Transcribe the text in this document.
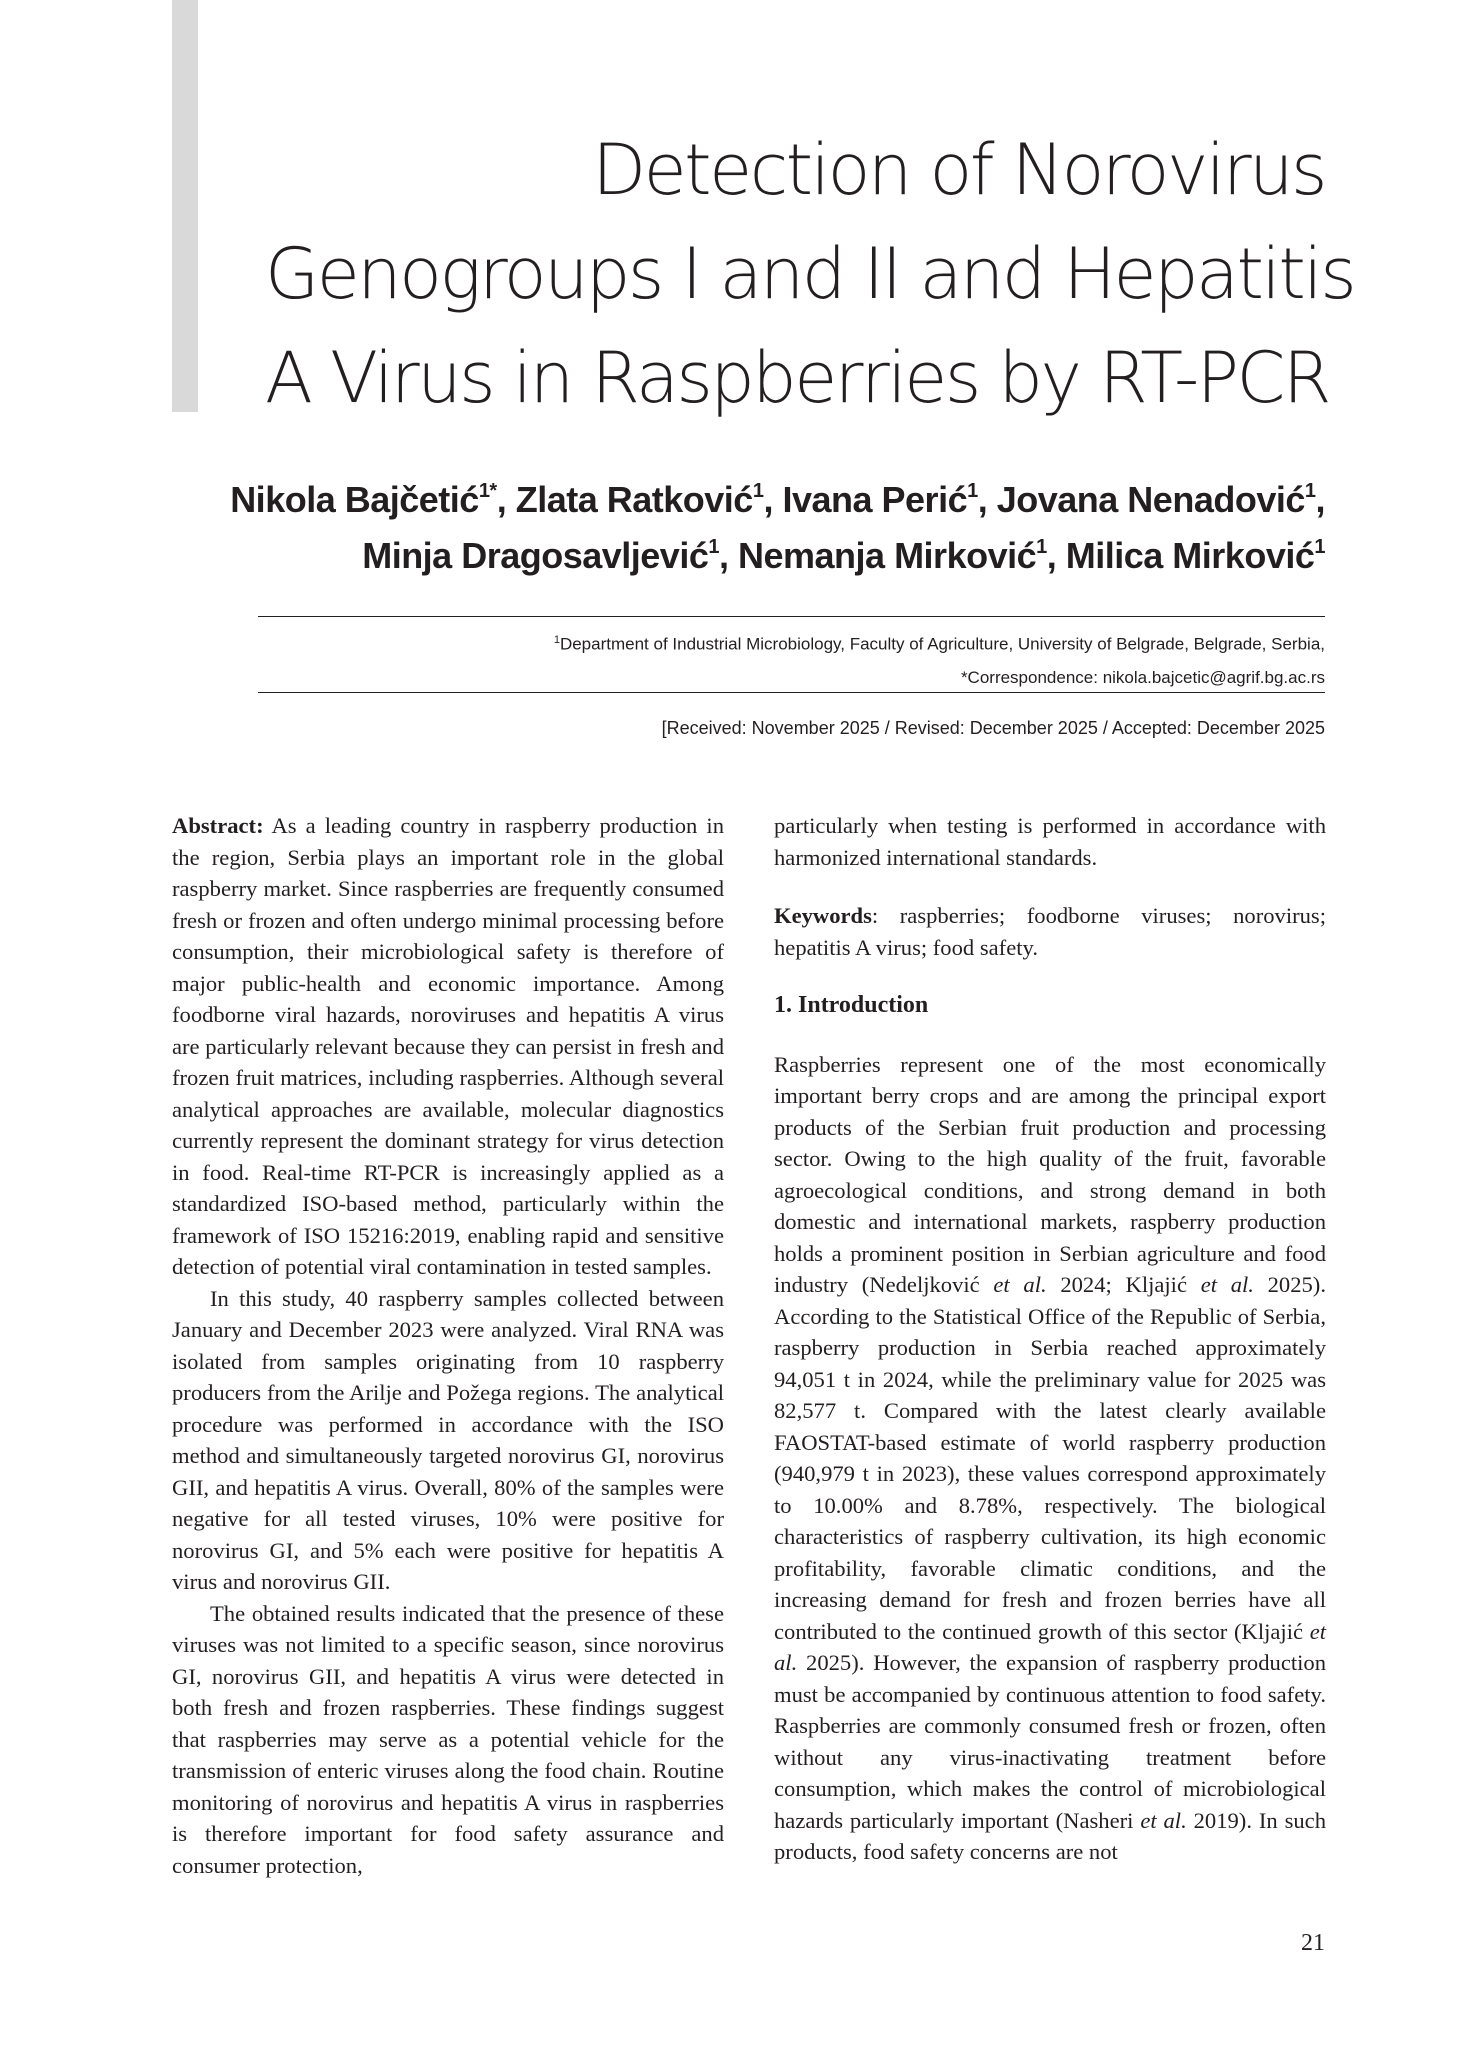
Detection of Norovirus
Genogroups I and II and Hepatitis
A Virus in Raspberries by RT-PCR
Nikola Bajčetić$^{1*}$, Zlata Ratković$^1$, Ivana Perić$^1$, Jovana Nenadović$^1$,
Minja Dragosavljević$^1$, Nemanja Mirković$^1$, Milica Mirković$^1$
$^1$Department of Industrial Microbiology, Faculty of Agriculture, University of Belgrade, Belgrade, Serbia,
*Correspondence: nikola.bajcetic@agrif.bg.ac.rs
[Received: November 2025 / Revised: December 2025 / Accepted: December 2025

Abstract: As a leading country in raspberry production in the region, Serbia plays an important role in the global raspberry market. Since raspberries are frequently consumed fresh or frozen and often undergo minimal processing before consumption, their microbiological safety is therefore of major public-health and economic importance. Among foodborne viral hazards, noroviruses and hepatitis A virus are particularly relevant because they can persist in fresh and frozen fruit matrices, including raspberries. Although several analytical approaches are available, molecular diagnostics currently represent the dominant strategy for virus detection in food. Real-time RT-PCR is increasingly applied as a standardized ISO-based method, particularly within the framework of ISO 15216:2019, enabling rapid and sensitive detection of potential viral contamination in tested samples.

In this study, 40 raspberry samples collected between January and December 2023 were analyzed. Viral RNA was isolated from samples originating from 10 raspberry producers from the Arilje and Požega regions. The analytical procedure was performed in accordance with the ISO method and simultaneously targeted norovirus GI, norovirus GII, and hepatitis A virus. Overall, 80% of the samples were negative for all tested viruses, 10% were positive for norovirus GI, and 5% each were positive for hepatitis A virus and norovirus GII.

The obtained results indicated that the presence of these viruses was not limited to a specific season, since norovirus GI, norovirus GII, and hepatitis A virus were detected in both fresh and frozen raspberries. These findings suggest that raspberries may serve as a potential vehicle for the transmission of enteric viruses along the food chain. Routine monitoring of norovirus and hepatitis A virus in raspberries is therefore important for food safety assurance and consumer protection,

particularly when testing is performed in accordance with harmonized international standards.

Keywords: raspberries; foodborne viruses; norovirus; hepatitis A virus; food safety.

1. Introduction

Raspberries represent one of the most economically important berry crops and are among the principal export products of the Serbian fruit production and processing sector. Owing to the high quality of the fruit, favorable agroecological conditions, and strong demand in both domestic and international markets, raspberry production holds a prominent position in Serbian agriculture and food industry (Nedeljković et al. 2024; Kljajić et al. 2025). According to the Statistical Office of the Republic of Serbia, raspberry production in Serbia reached approximately 94,051 t in 2024, while the preliminary value for 2025 was 82,577 t. Compared with the latest clearly available FAOSTAT-based estimate of world raspberry production (940,979 t in 2023), these values correspond approximately to 10.00% and 8.78%, respectively. The biological characteristics of raspberry cultivation, its high economic profitability, favorable climatic conditions, and the increasing demand for fresh and frozen berries have all contributed to the continued growth of this sector (Kljajić et al. 2025). However, the expansion of raspberry production must be accompanied by continuous attention to food safety. Raspberries are commonly consumed fresh or frozen, often without any virus-inactivating treatment before consumption, which makes the control of microbiological hazards particularly important (Nasheri et al. 2019). In such products, food safety concerns are not

21
